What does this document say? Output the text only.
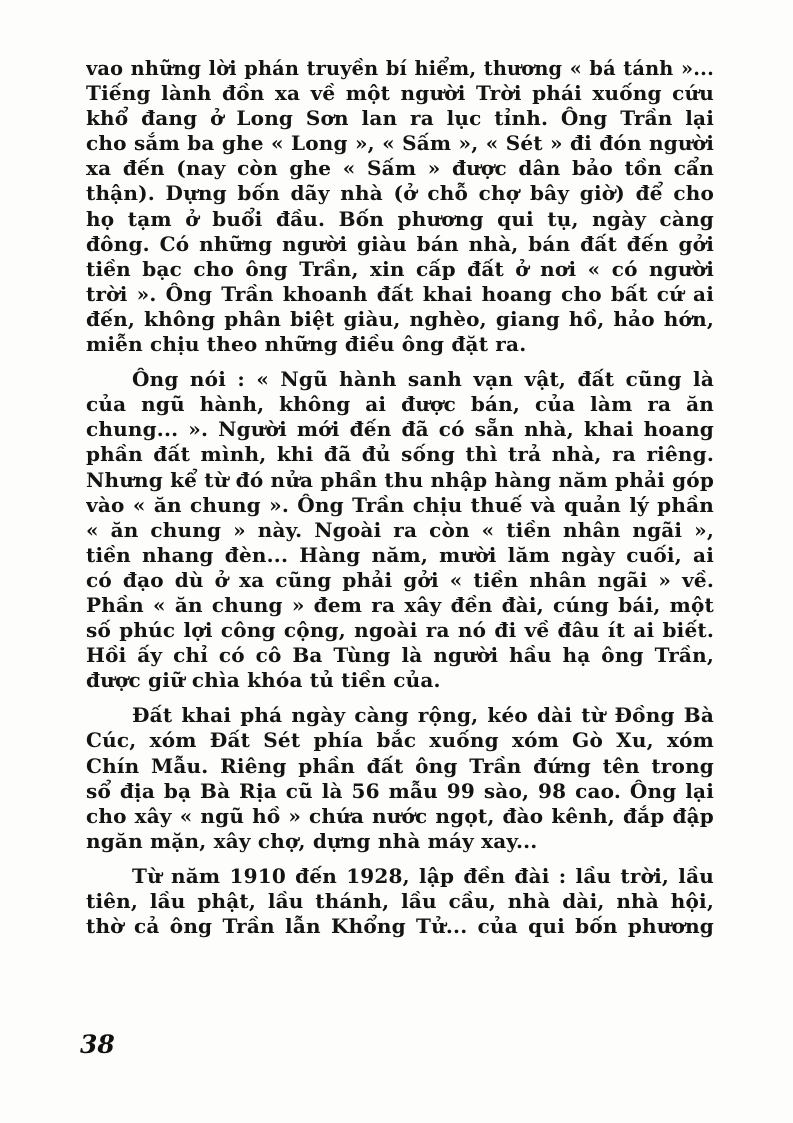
vao những lời phán truyền bí hiểm, thương « bá tánh »...
Tiếng lành đồn xa về một người Trời phái xuống cứu
khổ đang ở Long Sơn lan ra lục tỉnh. Ông Trần lại
cho sắm ba ghe « Long », « Sấm », « Sét » đi đón người
xa đến (nay còn ghe « Sấm » được dân bảo tồn cẩn
thận). Dựng bốn dãy nhà (ở chỗ chợ bây giờ) để cho
họ tạm ở buổi đầu. Bốn phương qui tụ, ngày càng
đông. Có những người giàu bán nhà, bán đất đến gởi
tiền bạc cho ông Trần, xin cấp đất ở nơi « có người
trời ». Ông Trần khoanh đất khai hoang cho bất cứ ai
đến, không phân biệt giàu, nghèo, giang hồ, hảo hớn,
miễn chịu theo những điều ông đặt ra.
Ông nói : « Ngũ hành sanh vạn vật, đất cũng là
của ngũ hành, không ai được bán, của làm ra ăn
chung... ». Người mới đến đã có sẵn nhà, khai hoang
phần đất mình, khi đã đủ sống thì trả nhà, ra riêng.
Nhưng kể từ đó nửa phần thu nhập hàng năm phải góp
vào « ăn chung ». Ông Trần chịu thuế và quản lý phần
« ăn chung » này. Ngoài ra còn « tiền nhân ngãi »,
tiền nhang đèn... Hàng năm, mười lăm ngày cuối, ai
có đạo dù ở xa cũng phải gởi « tiền nhân ngãi » về.
Phần « ăn chung » đem ra xây đền đài, cúng bái, một
số phúc lợi công cộng, ngoài ra nó đi về đâu ít ai biết.
Hồi ấy chỉ có cô Ba Tùng là người hầu hạ ông Trần,
được giữ chìa khóa tủ tiền của.
Đất khai phá ngày càng rộng, kéo dài từ Đồng Bà
Cúc, xóm Đất Sét phía bắc xuống xóm Gò Xu, xóm
Chín Mẫu. Riêng phần đất ông Trần đứng tên trong
sổ địa bạ Bà Rịa cũ là 56 mẫu 99 sào, 98 cao. Ông lại
cho xây « ngũ hồ » chứa nước ngọt, đào kênh, đắp đập
ngăn mặn, xây chợ, dựng nhà máy xay...
Từ năm 1910 đến 1928, lập đền đài : lầu trời, lầu
tiên, lầu phật, lầu thánh, lầu cầu, nhà dài, nhà hội,
thờ cả ông Trần lẫn Khổng Tử... của qui bốn phương
38
